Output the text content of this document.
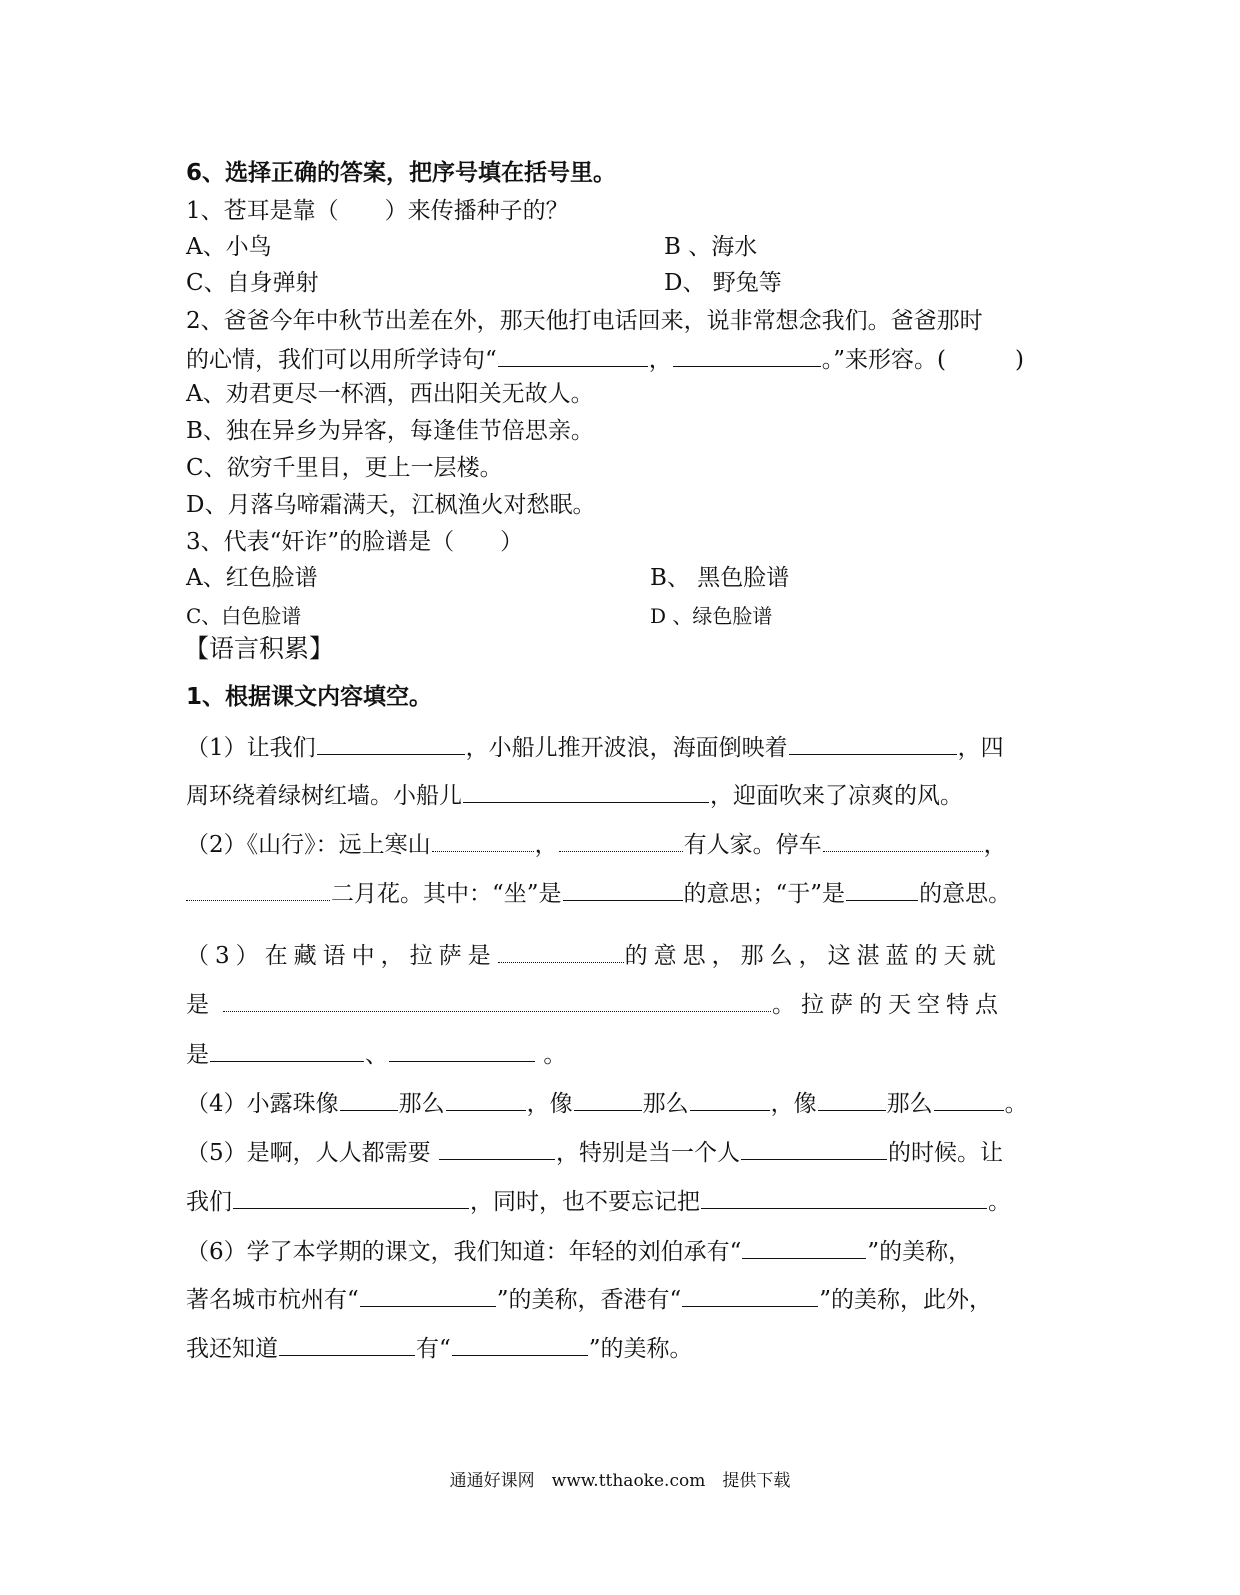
6、选择正确的答案，把序号填在括号里。
1、苍耳是靠（　　）来传播种子的？
A、小鸟	B 、海水
C、自身弹射	D、 野兔等
2、爸爸今年中秋节出差在外，那天他打电话回来，说非常想念我们。爸爸那时
的心情，我们可以用所学诗句“	，	。”来形容。(　　　)
A、劝君更尽一杯酒，西出阳关无故人。
B、独在异乡为异客，每逢佳节倍思亲。
C、欲穷千里目，更上一层楼。
D、月落乌啼霜满天，江枫渔火对愁眠。
3、代表“奸诈”的脸谱是（　　）
A、红色脸谱	B、 黑色脸谱
C、白色脸谱	D 、绿色脸谱
【语言积累】
1、根据课文内容填空。
（1）让我们	，小船儿推开波浪，海面倒映着	，四
周环绕着绿树红墙。小船儿	，迎面吹来了凉爽的风。
（2）《山行》：远上寒山	，	有人家。停车	，
二月花。其中：“坐”是	的意思；“于”是	的意思。
（3）在藏语中，拉萨是	的意思，那么，这湛蓝的天就
是	。拉萨的天空特点
是	、	。
（4）小露珠像	那么	，像	那么	，像	那么	。
（5）是啊，人人都需要	，特别是当一个人	的时候。让
我们	，同时，也不要忘记把	。
（6）学了本学期的课文，我们知道：年轻的刘伯承有“	”的美称，
著名城市杭州有“	”的美称，香港有“	”的美称，此外，
我还知道	有“	”的美称。
通通好课网　www.tthaoke.com　提供下载
